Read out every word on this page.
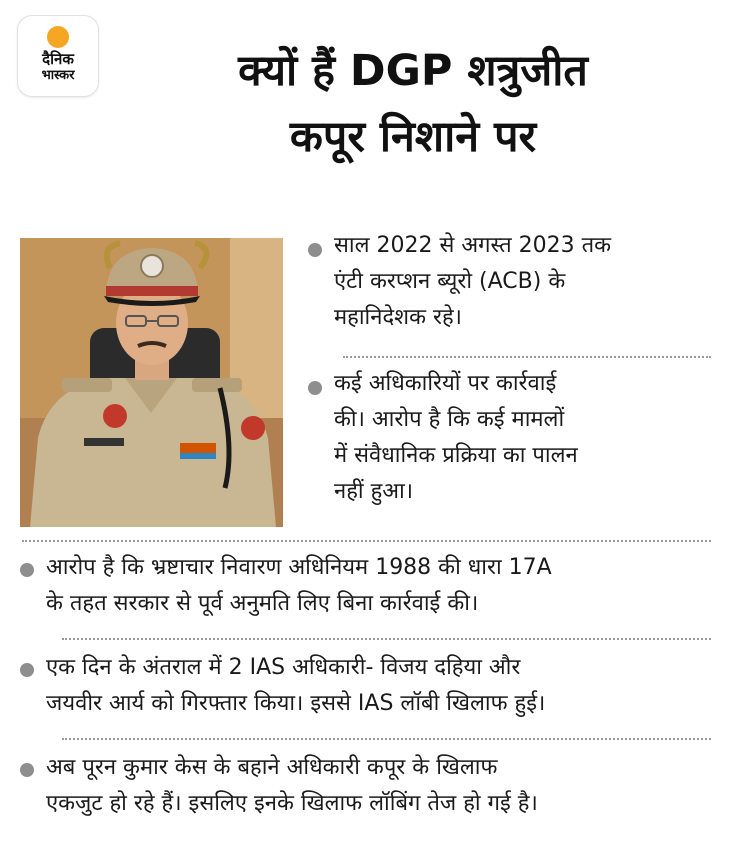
दैनिक
भास्कर	क्यों हैं DGP शत्रुजीत
कपूर निशाने पर

साल 2022 से अगस्त 2023 तक
एंटी करप्शन ब्यूरो (ACB) के
महानिदेशक रहे।

कई अधिकारियों पर कार्रवाई
की। आरोप है कि कई मामलों
में संवैधानिक प्रक्रिया का पालन
नहीं हुआ।

आरोप है कि भ्रष्टाचार निवारण अधिनियम 1988 की धारा 17A
के तहत सरकार से पूर्व अनुमति लिए बिना कार्रवाई की।

एक दिन के अंतराल में 2 IAS अधिकारी- विजय दहिया और
जयवीर आर्य को गिरफ्तार किया। इससे IAS लॉबी खिलाफ हुई।

अब पूरन कुमार केस के बहाने अधिकारी कपूर के खिलाफ
एकजुट हो रहे हैं। इसलिए इनके खिलाफ लॉबिंग तेज हो गई है।
